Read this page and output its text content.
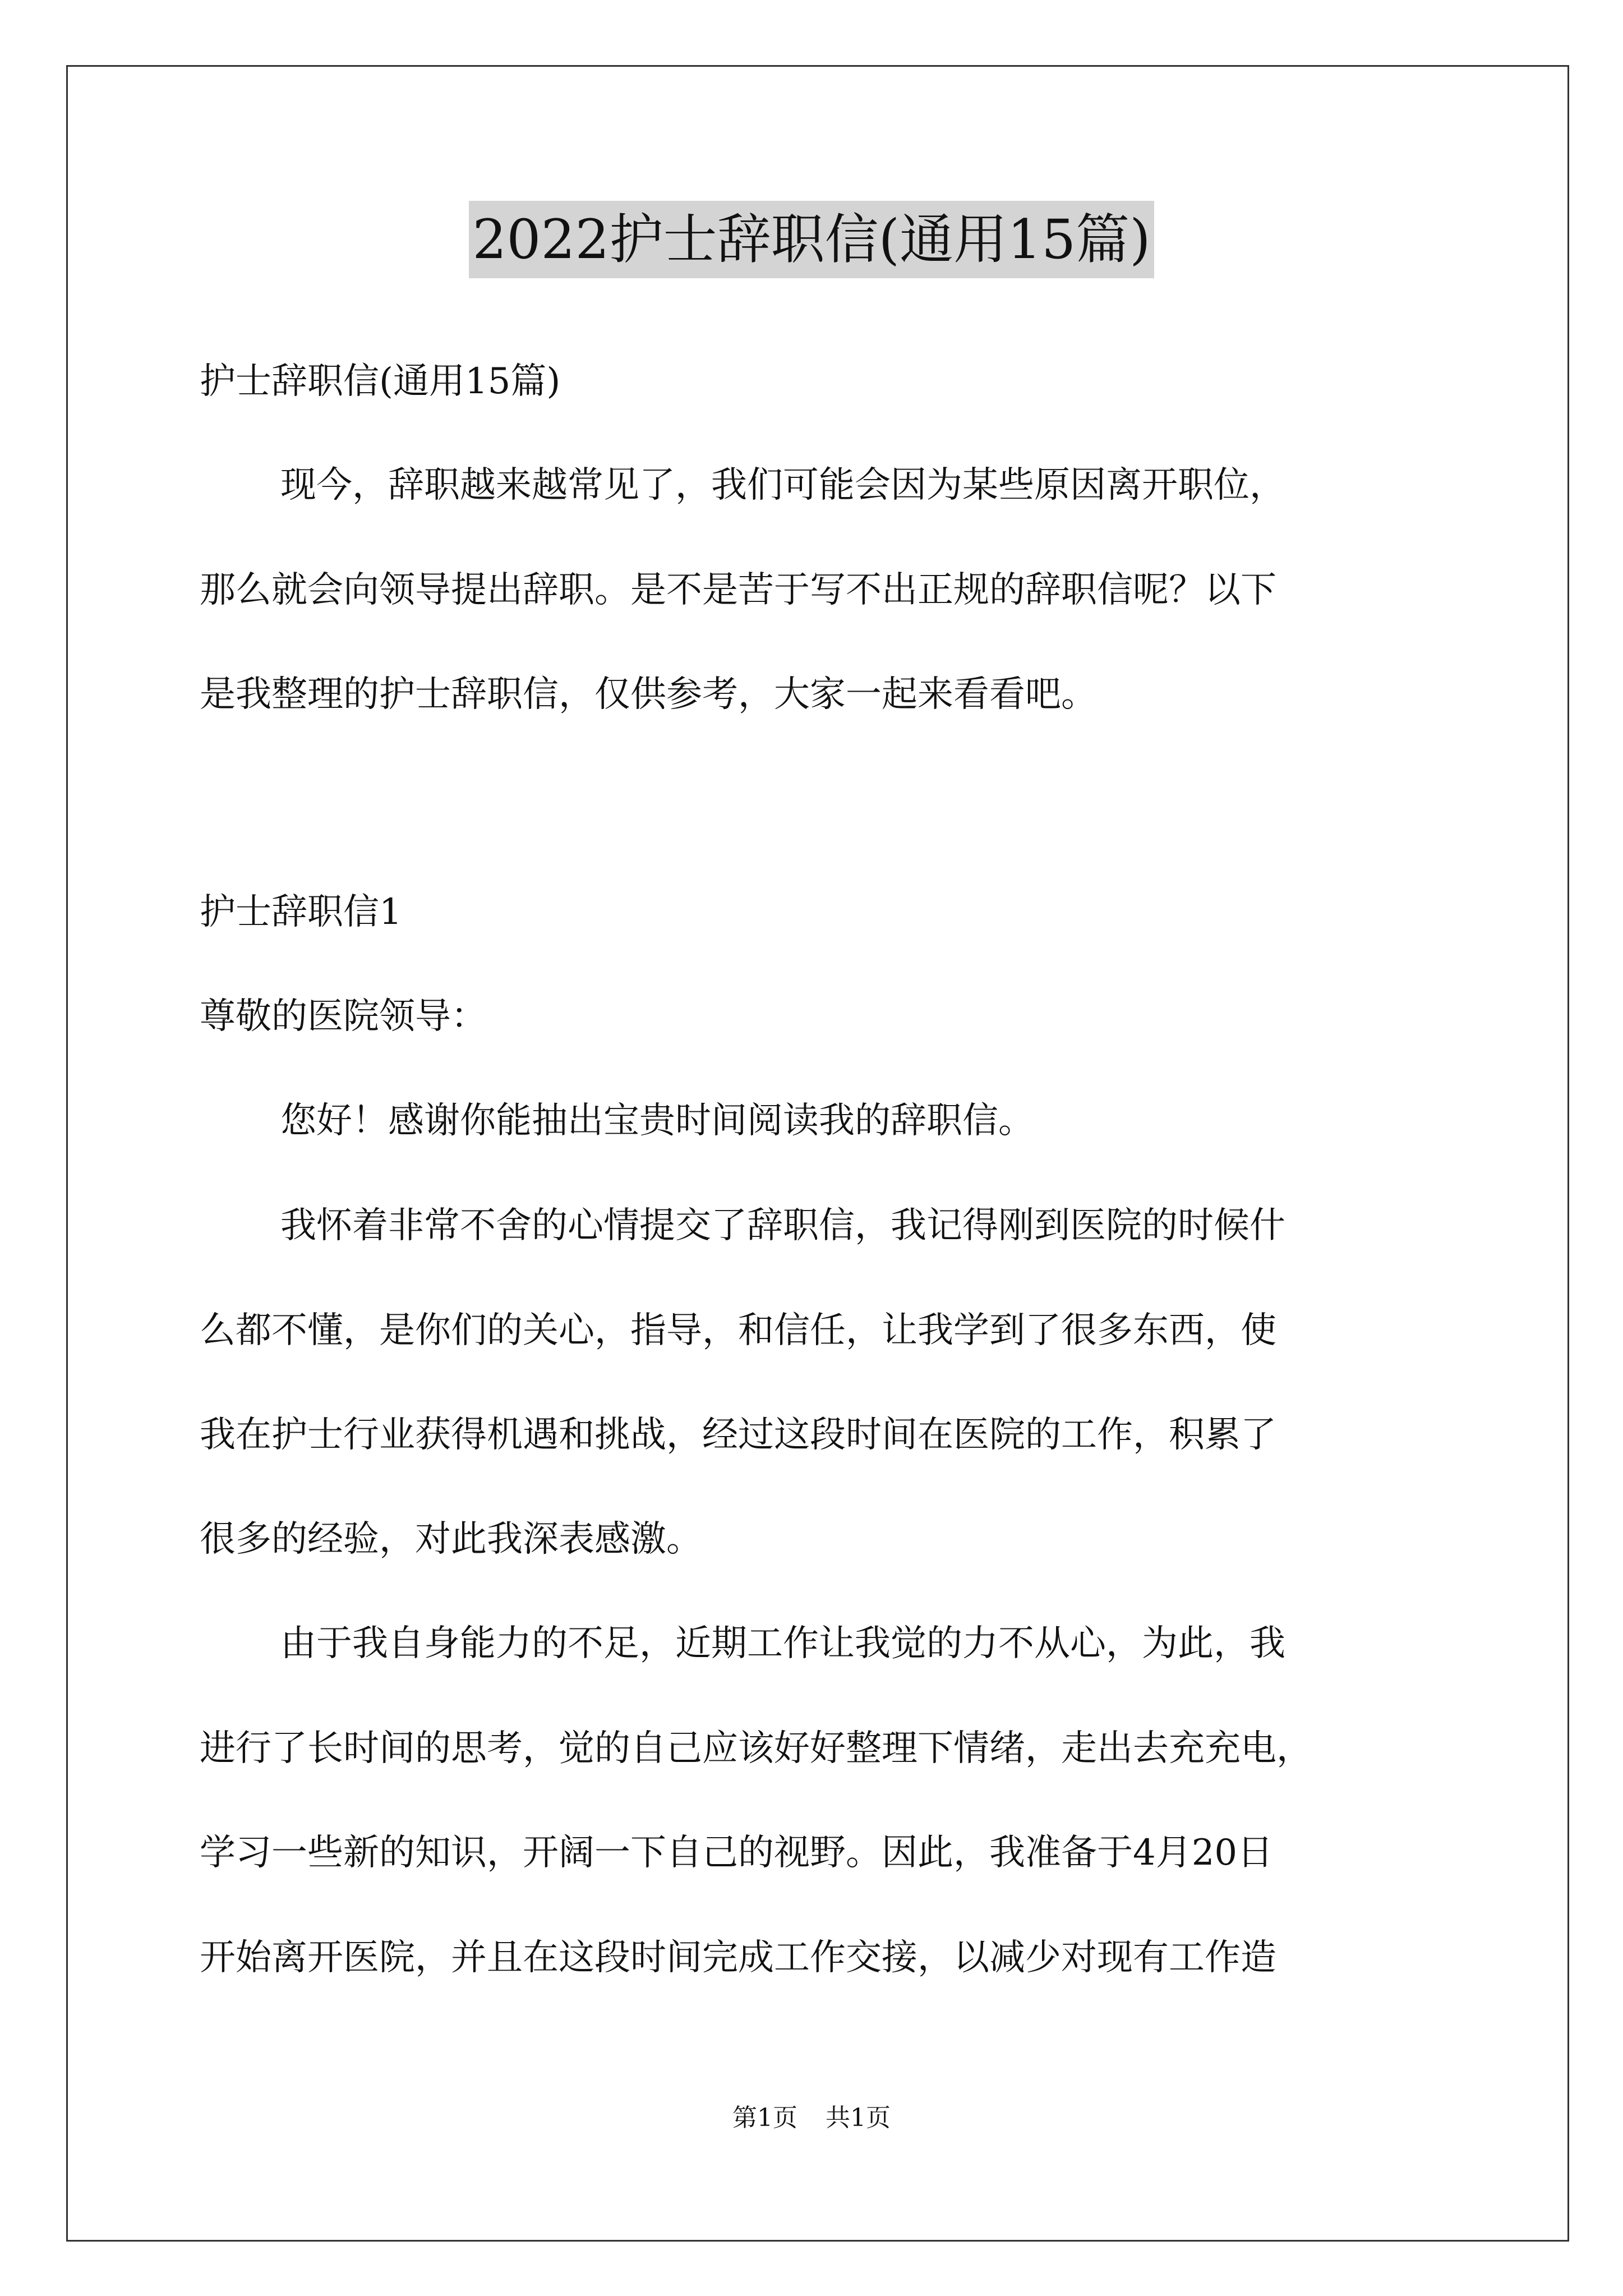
2022护士辞职信(通用15篇)
护士辞职信(通用15篇)
现今，辞职越来越常见了，我们可能会因为某些原因离开职位，
那么就会向领导提出辞职。是不是苦于写不出正规的辞职信呢？以下
是我整理的护士辞职信，仅供参考，大家一起来看看吧。
护士辞职信1
尊敬的医院领导：
您好！感谢你能抽出宝贵时间阅读我的辞职信。
我怀着非常不舍的心情提交了辞职信，我记得刚到医院的时候什
么都不懂，是你们的关心，指导，和信任，让我学到了很多东西，使
我在护士行业获得机遇和挑战，经过这段时间在医院的工作，积累了
很多的经验，对此我深表感激。
由于我自身能力的不足，近期工作让我觉的力不从心，为此，我
进行了长时间的思考，觉的自己应该好好整理下情绪，走出去充充电，
学习一些新的知识，开阔一下自己的视野。因此，我准备于4月20日
开始离开医院，并且在这段时间完成工作交接，以减少对现有工作造
第1页 共1页
